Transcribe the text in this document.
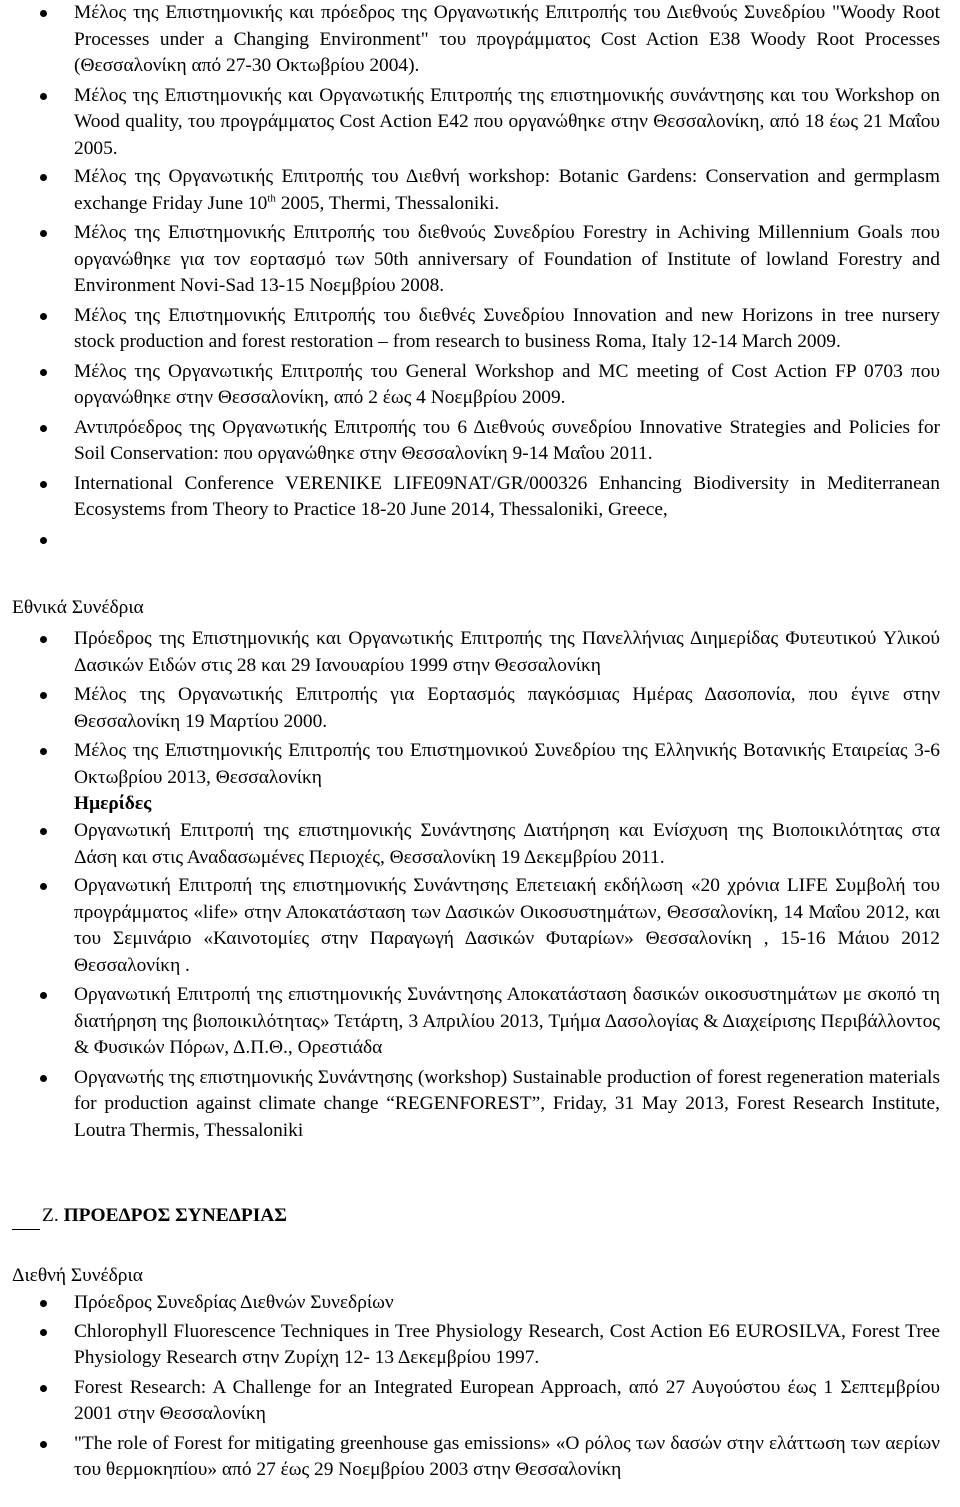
Μέλος της Επιστημονικής και πρόεδρος της Οργανωτικής Επιτροπής του Διεθνούς Συνεδρίου "Woody Root Processes under a Changing Environment" του προγράμματος Cost Action E38 Woody Root Processes (Θεσσαλονίκη από 27-30 Οκτωβρίου 2004).
Μέλος της Επιστημονικής και Οργανωτικής Επιτροπής της επιστημονικής συνάντησης και του Workshop on Wood quality, του προγράμματος Cost Action E42 που οργανώθηκε στην Θεσσαλονίκη, από 18 έως 21 Μαΐου 2005.
Μέλος της Οργανωτικής Επιτροπής του Διεθνή workshop: Botanic Gardens: Conservation and germplasm exchange Friday June 10th 2005, Thermi, Thessaloniki.
Μέλος της Επιστημονικής Επιτροπής του διεθνούς Συνεδρίου Forestry in Achiving Millennium Goals που οργανώθηκε για τον εορτασμό των 50th anniversary of Foundation of Institute of lowland Forestry and Environment Novi-Sad 13-15 Νοεμβρίου 2008.
Μέλος της Επιστημονικής Επιτροπής του διεθνές Συνεδρίου Innovation and new Horizons in tree nursery stock production and forest restoration – from research to business Roma, Italy 12-14 March 2009.
Μέλος της Οργανωτικής Επιτροπής του General Workshop and MC meeting of Cost Action FP 0703 που οργανώθηκε στην Θεσσαλονίκη, από 2 έως 4 Νοεμβρίου 2009.
Αντιπρόεδρος της Οργανωτικής Επιτροπής του 6 Διεθνούς συνεδρίου Innovative Strategies and Policies for Soil Conservation: που οργανώθηκε στην Θεσσαλονίκη 9-14 Μαΐου 2011.
International Conference VERENIKE LIFE09NAT/GR/000326 Enhancing Biodiversity in Mediterranean Ecosystems from Theory to Practice 18-20 June 2014, Thessaloniki, Greece,
Εθνικά Συνέδρια
Πρόεδρος της Επιστημονικής και Οργανωτικής Επιτροπής της Πανελλήνιας Διημερίδας Φυτευτικού Υλικού Δασικών Ειδών στις 28 και 29 Ιανουαρίου 1999 στην Θεσσαλονίκη
Μέλος της Οργανωτικής Επιτροπής για Εορτασμός παγκόσμιας Ημέρας Δασοπονία, που έγινε στην Θεσσαλονίκη 19 Μαρτίου 2000.
Μέλος της Επιστημονικής Επιτροπής του Επιστημονικού Συνεδρίου της Ελληνικής Βοτανικής Εταιρείας 3-6 Οκτωβρίου 2013, Θεσσαλονίκη
Ημερίδες
Οργανωτική Επιτροπή της επιστημονικής Συνάντησης Διατήρηση και Ενίσχυση της Βιοποικιλότητας στα Δάση και στις Αναδασωμένες Περιοχές, Θεσσαλονίκη 19 Δεκεμβρίου 2011.
Οργανωτική Επιτροπή της επιστημονικής Συνάντησης Επετειακή εκδήλωση «20 χρόνια LIFE Συμβολή του προγράμματος «life» στην Αποκατάσταση των Δασικών Οικοσυστημάτων, Θεσσαλονίκη, 14 Μαΐου 2012, και του Σεμινάριο «Καινοτομίες στην Παραγωγή Δασικών Φυταρίων» Θεσσαλονίκη , 15-16 Μάιου 2012 Θεσσαλονίκη .
Οργανωτική Επιτροπή της επιστημονικής Συνάντησης Αποκατάσταση δασικών οικοσυστημάτων με σκοπό τη διατήρηση της βιοποικιλότητας» Τετάρτη, 3 Απριλίου 2013, Τμήμα Δασολογίας & Διαχείρισης Περιβάλλοντος & Φυσικών Πόρων, Δ.Π.Θ., Ορεστιάδα
Οργανωτής της επιστημονικής Συνάντησης (workshop) Sustainable production of forest regeneration materials for production against climate change “REGENFOREST”, Friday, 31 May 2013, Forest Research Institute, Loutra Thermis, Thessaloniki
Ζ. ΠΡΟΕΔΡΟΣ ΣΥΝΕΔΡΙΑΣ
Διεθνή Συνέδρια
Πρόεδρος Συνεδρίας Διεθνών Συνεδρίων
Chlorophyll Fluorescence Techniques in Tree Physiology Research, Cost Action E6 EUROSILVA, Forest Tree Physiology Research στην Ζυρίχη 12- 13 Δεκεμβρίου 1997.
Forest Research: A Challenge for an Integrated European Approach, από 27 Αυγούστου έως 1 Σεπτεμβρίου 2001 στην Θεσσαλονίκη
"The role of Forest for mitigating greenhouse gas emissions» «Ο ρόλος των δασών στην ελάττωση των αερίων του θερμοκηπίου» από 27 έως 29 Νοεμβρίου 2003 στην Θεσσαλονίκη
